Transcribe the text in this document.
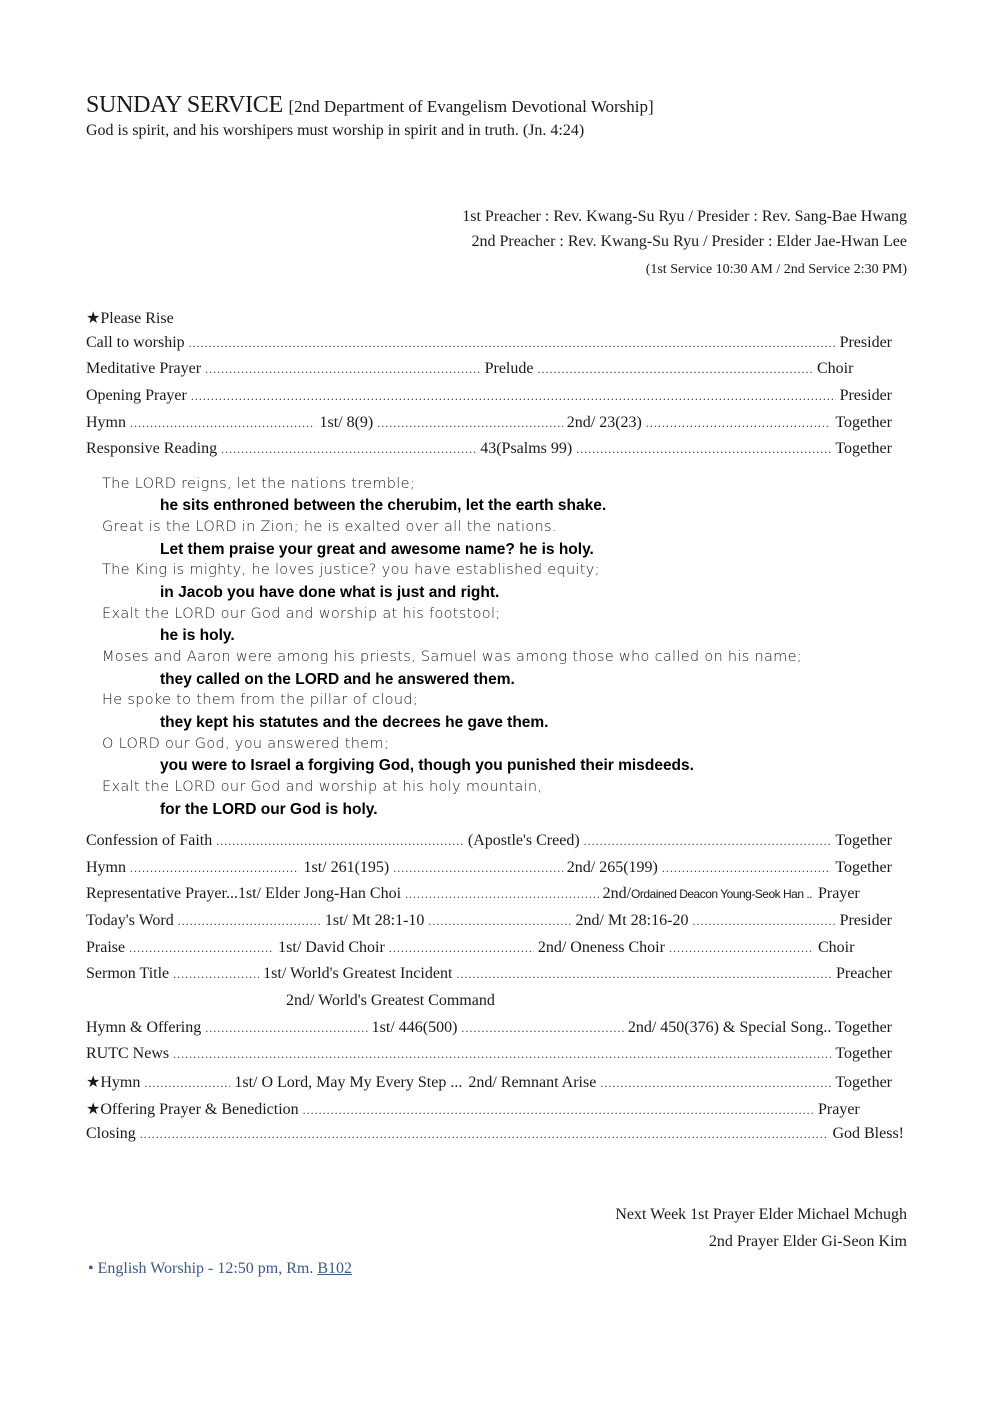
SUNDAY SERVICE [2nd Department of Evangelism Devotional Worship]
God is spirit, and his worshipers must worship in spirit and in truth. (Jn. 4:24)
1st Preacher : Rev. Kwang-Su Ryu / Presider : Rev. Sang-Bae Hwang
2nd Preacher : Rev. Kwang-Su Ryu / Presider : Elder Jae-Hwan Lee
(1st Service 10:30 AM / 2nd Service 2:30 PM)
★Please Rise
Call to worship .....	Presider
Meditative Prayer .....	Prelude .....	Choir
Opening Prayer .....	Presider
Hymn .....	1st/ 8(9) .....	2nd/ 23(23) .....	Together
Responsive Reading .....	43(Psalms 99) .....	Together
The LORD reigns, let the nations tremble;
he sits enthroned between the cherubim, let the earth shake.
Great is the LORD in Zion; he is exalted over all the nations.
Let them praise your great and awesome name? he is holy.
The King is mighty, he loves justice? you have established equity;
in Jacob you have done what is just and right.
Exalt the LORD our God and worship at his footstool;
he is holy.
Moses and Aaron were among his priests, Samuel was among those who called on his name;
they called on the LORD and he answered them.
He spoke to them from the pillar of cloud;
they kept his statutes and the decrees he gave them.
O LORD our God, you answered them;
you were to Israel a forgiving God, though you punished their misdeeds.
Exalt the LORD our God and worship at his holy mountain,
for the LORD our God is holy.
Confession of Faith .....	(Apostle's Creed) .....	Together
Hymn .....	1st/ 261(195) .....	2nd/ 265(199) .....	Together
Representative Prayer... 1st/ Elder Jong-Han Choi .....	2nd/ Ordained Deacon Young-Seok Han .. Prayer
Today's Word .....	1st/ Mt 28:1-10 .....	2nd/ Mt 28:16-20 .....	Presider
Praise .....	1st/ David Choir .....	2nd/ Oneness Choir .....	Choir
Sermon Title .....	1st/ World's Greatest Incident .....	Preacher
2nd/ World's Greatest Command
Hymn & Offering .....	1st/ 446(500) .....	2nd/ 450(376) & Special Song.. Together
RUTC News .....	Together
★Hymn .....	1st/ O Lord, May My Every Step ... 2nd/ Remnant Arise .....	Together
★Offering Prayer & Benediction .....	Prayer
Closing .....	God Bless!
Next Week 1st Prayer Elder Michael Mchugh
2nd Prayer Elder Gi-Seon Kim
• English Worship - 12:50 pm, Rm. B102
